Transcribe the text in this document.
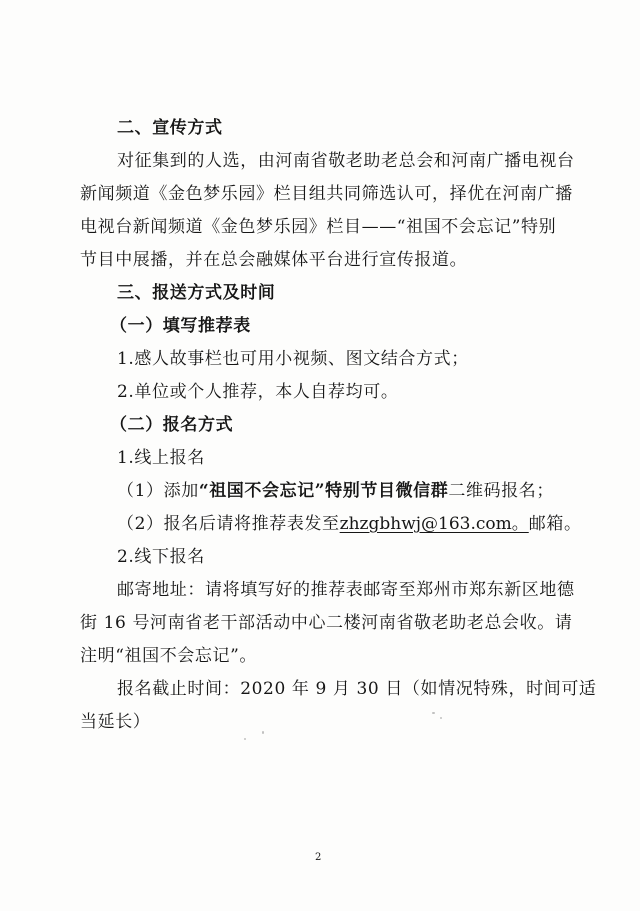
二、宣传方式
对征集到的人选，由河南省敬老助老总会和河南广播电视台
新闻频道《金色梦乐园》栏目组共同筛选认可，择优在河南广播
电视台新闻频道《金色梦乐园》栏目——“祖国不会忘记”特别
节目中展播，并在总会融媒体平台进行宣传报道。
三、报送方式及时间
（一）填写推荐表
1.感人故事栏也可用小视频、图文结合方式；
2.单位或个人推荐，本人自荐均可。
（二）报名方式
1.线上报名
（1）添加“祖国不会忘记”特别节目微信群二维码报名；
（2）报名后请将推荐表发至zhzgbhwj@163.com。邮箱。
2.线下报名
邮寄地址：请将填写好的推荐表邮寄至郑州市郑东新区地德
街 16 号河南省老干部活动中心二楼河南省敬老助老总会收。请
注明“祖国不会忘记”。
报名截止时间：2020 年 9 月 30 日（如情况特殊，时间可适
当延长）
2
